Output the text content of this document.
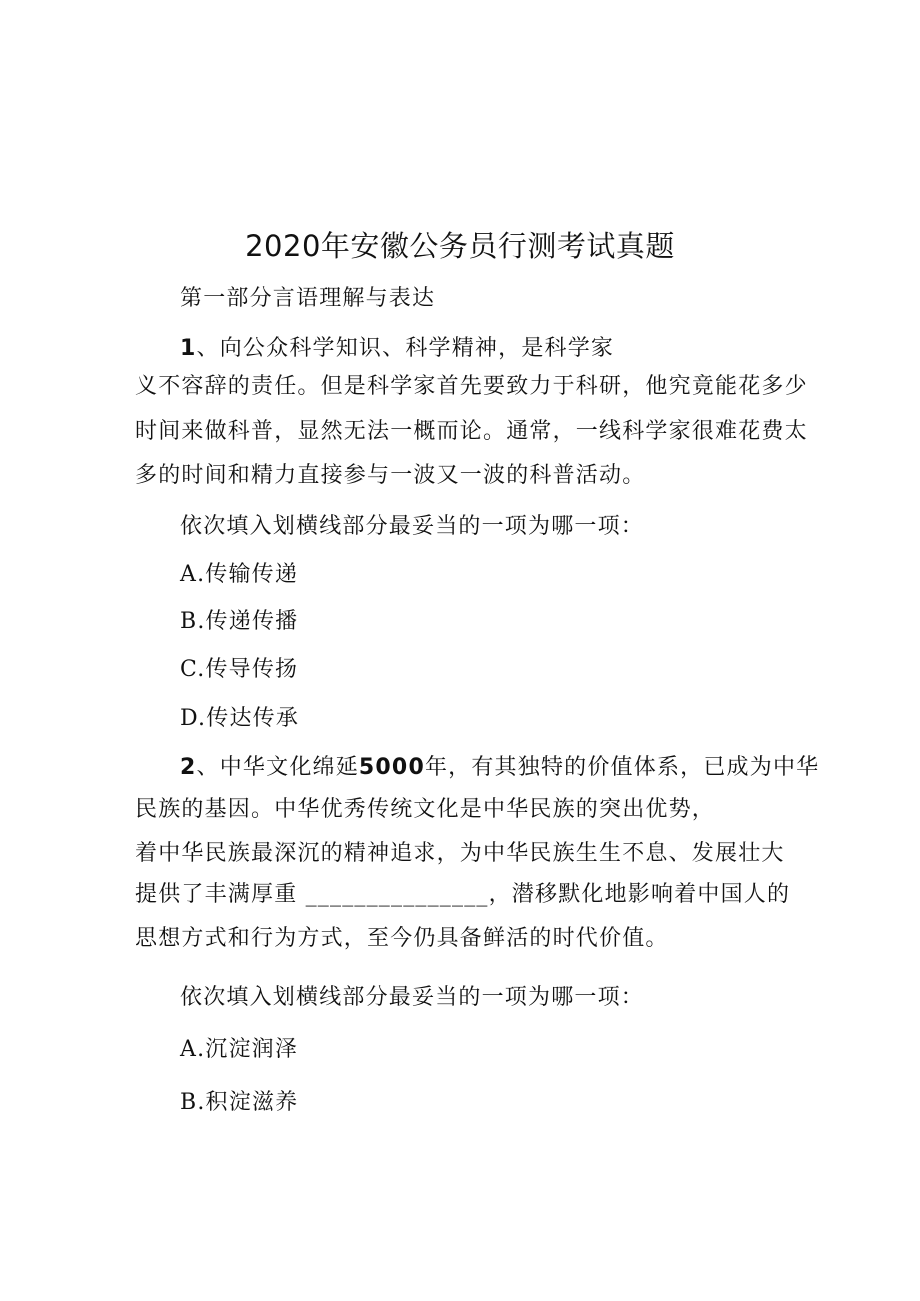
2020年安徽公务员行测考试真题
第一部分言语理解与表达
1、向公众科学知识、科学精神，是科学家
义不容辞的责任。但是科学家首先要致力于科研，他究竟能花多少
时间来做科普，显然无法一概而论。通常，一线科学家很难花费太
多的时间和精力直接参与一波又一波的科普活动。
依次填入划横线部分最妥当的一项为哪一项：
A.传输传递
B.传递传播
C.传导传扬
D.传达传承
2、中华文化绵延5000年，有其独特的价值体系，已成为中华
民族的基因。中华优秀传统文化是中华民族的突出优势，
着中华民族最深沉的精神追求，为中华民族生生不息、发展壮大
提供了丰满厚重 _______________，潜移默化地影响着中国人的
思想方式和行为方式，至今仍具备鲜活的时代价值。
依次填入划横线部分最妥当的一项为哪一项：
A.沉淀润泽
B.积淀滋养
